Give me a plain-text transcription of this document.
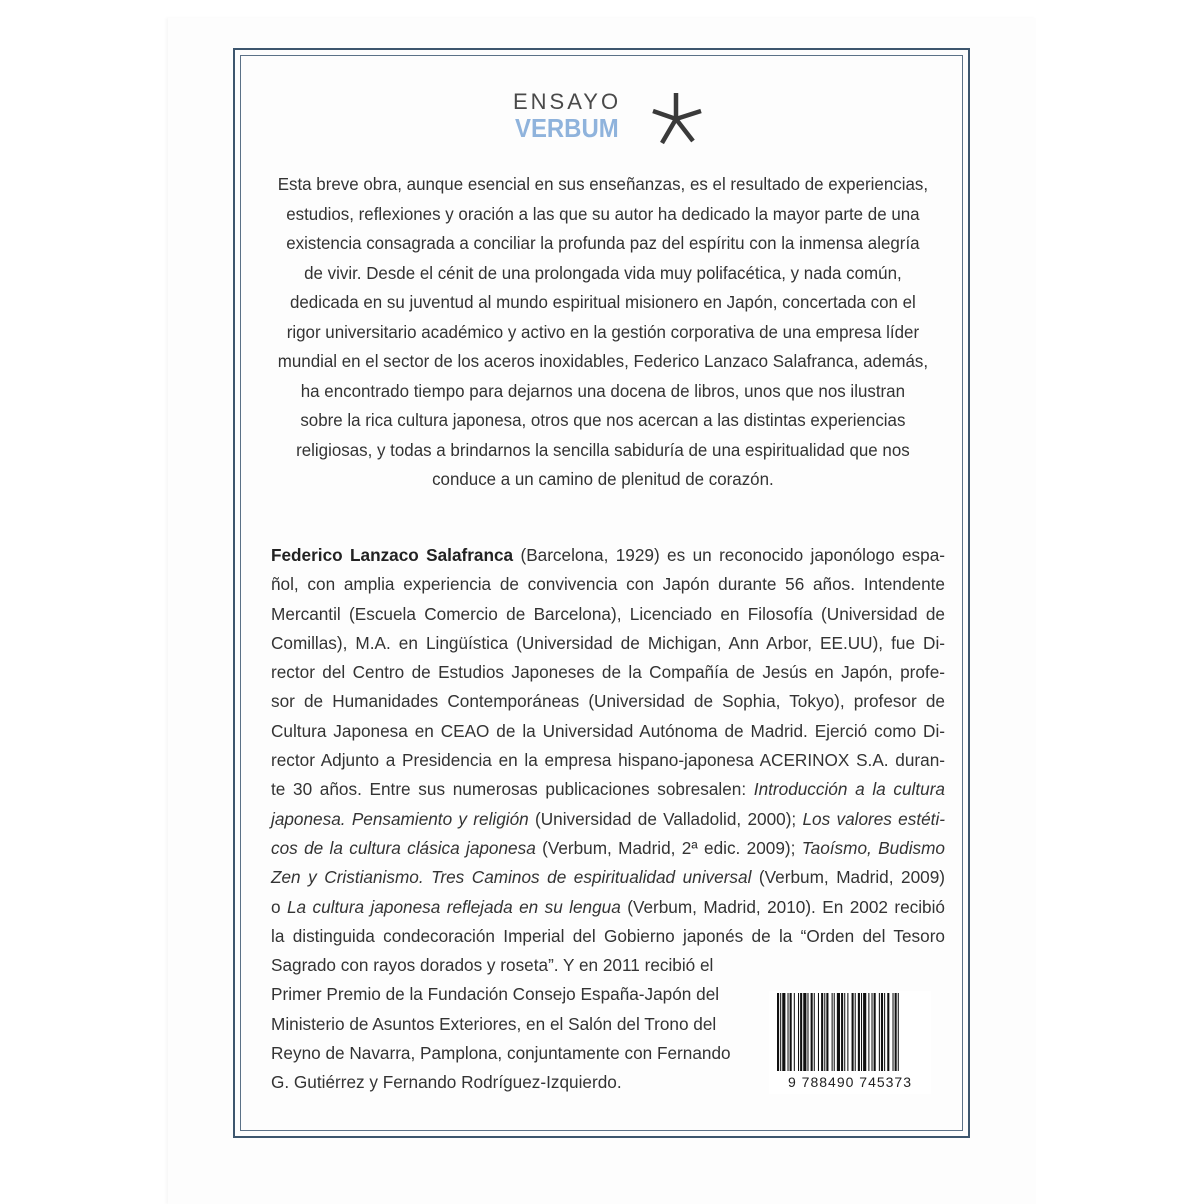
ENSAYO
VERBUM
Esta breve obra, aunque esencial en sus enseñanzas, es el resultado de experiencias,
estudios, reflexiones y oración a las que su autor ha dedicado la mayor parte de una
existencia consagrada a conciliar la profunda paz del espíritu con la inmensa alegría
de vivir. Desde el cénit de una prolongada vida muy polifacética, y nada común,
dedicada en su juventud al mundo espiritual misionero en Japón, concertada con el
rigor universitario académico y activo en la gestión corporativa de una empresa líder
mundial en el sector de los aceros inoxidables, Federico Lanzaco Salafranca, además,
ha encontrado tiempo para dejarnos una docena de libros, unos que nos ilustran
sobre la rica cultura japonesa, otros que nos acercan a las distintas experiencias
religiosas, y todas a brindarnos la sencilla sabiduría de una espiritualidad que nos
conduce a un camino de plenitud de corazón.
Federico Lanzaco Salafranca (Barcelona, 1929) es un reconocido japonólogo espa-
ñol, con amplia experiencia de convivencia con Japón durante 56 años. Intendente
Mercantil (Escuela Comercio de Barcelona), Licenciado en Filosofía (Universidad de
Comillas), M.A. en Lingüística (Universidad de Michigan, Ann Arbor, EE.UU), fue Di-
rector del Centro de Estudios Japoneses de la Compañía de Jesús en Japón, profe-
sor de Humanidades Contemporáneas (Universidad de Sophia, Tokyo), profesor de
Cultura Japonesa en CEAO de la Universidad Autónoma de Madrid. Ejerció como Di-
rector Adjunto a Presidencia en la empresa hispano-japonesa ACERINOX S.A. duran-
te 30 años. Entre sus numerosas publicaciones sobresalen: Introducción a la cultura
japonesa. Pensamiento y religión (Universidad de Valladolid, 2000); Los valores estéti-
cos de la cultura clásica japonesa (Verbum, Madrid, 2ª edic. 2009); Taoísmo, Budismo
Zen y Cristianismo. Tres Caminos de espiritualidad universal (Verbum, Madrid, 2009)
o La cultura japonesa reflejada en su lengua (Verbum, Madrid, 2010). En 2002 recibió
la distinguida condecoración Imperial del Gobierno japonés de la “Orden del Tesoro
Sagrado con rayos dorados y roseta”. Y en 2011 recibió el
Primer Premio de la Fundación Consejo España-Japón del
Ministerio de Asuntos Exteriores, en el Salón del Trono del
Reyno de Navarra, Pamplona, conjuntamente con Fernando
G. Gutiérrez y Fernando Rodríguez-Izquierdo.	9 788490 745373
